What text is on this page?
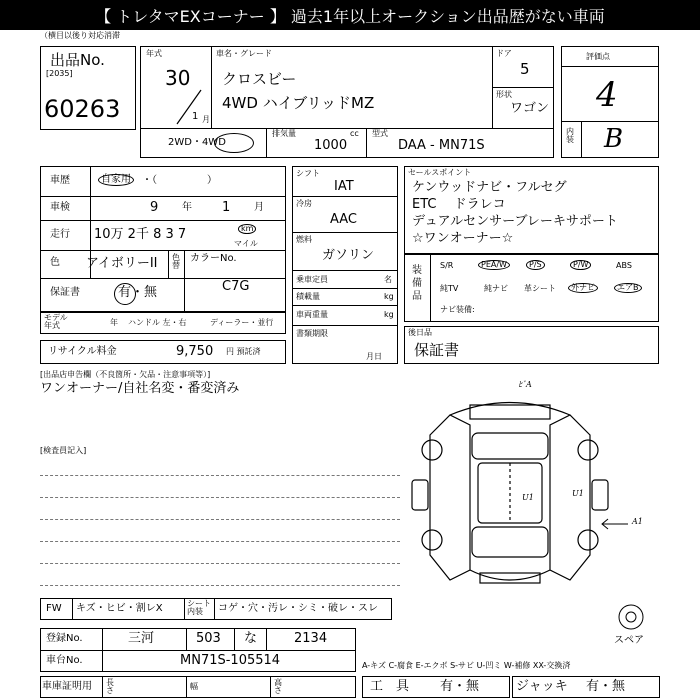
【 トレタマEXコーナー 】 過去1年以上オークション出品歴がない車両
（横目以後り対応消滞
出品No.
[2035]
60263
年式
30
1 月
車名・グレード
クロスビー
4WD ハイブリッドMZ
ドア
5
形状
ワゴン
2WD・4WD
排気量
1000
cc 型式
DAA - MN71S
評価点
4
内装 B
車歴	自家用	・（　　　　　）
車検	9 年 1 月
走行 10万 2千 8 3 7	km
マイル
色 アイボリーII 色替
カラーNo.
C7G
保証書	有・無
モデル年式	年 ハンドル 左・右	ディーラー・並行
リサイクル料金	9,750 円 預託済
シフト
IAT
冷房
AAC
燃料
ガソリン
乗車定員	名
積載量	kg
車両重量	kg
書類期限
月日
セールスポイント
ケンウッドナビ・フルセグ
ETC　 ドラレコ
デュアルセンサーブレーキサポート
☆ワンオーナー☆
装備品
S/R	PEA/W	P/S	P/W	ABS
純TV	純ナビ 革シート	外ナビ	エアB
ナビ装備:
後日品
保証書
[出品店申告欄（不良箇所・欠品・注意事項等）]
ワンオーナー/自社名変・番変済み
[検査員記入]
ﾋﾞA
U1	U1
A1
スペア
FW キズ・ヒビ・割レX	シート内装	コゲ・穴・汚レ・シミ・破レ・スレ
登録No.	三河	503 な	2134
車台No.	MN71S-105514	A-キズ C-腐食 E-エクボ S-サビ U-凹ミ W-補修 XX-交換済
車庫証明用 長さ	幅	高さ	工　具 有・無	ジャッキ 有・無
